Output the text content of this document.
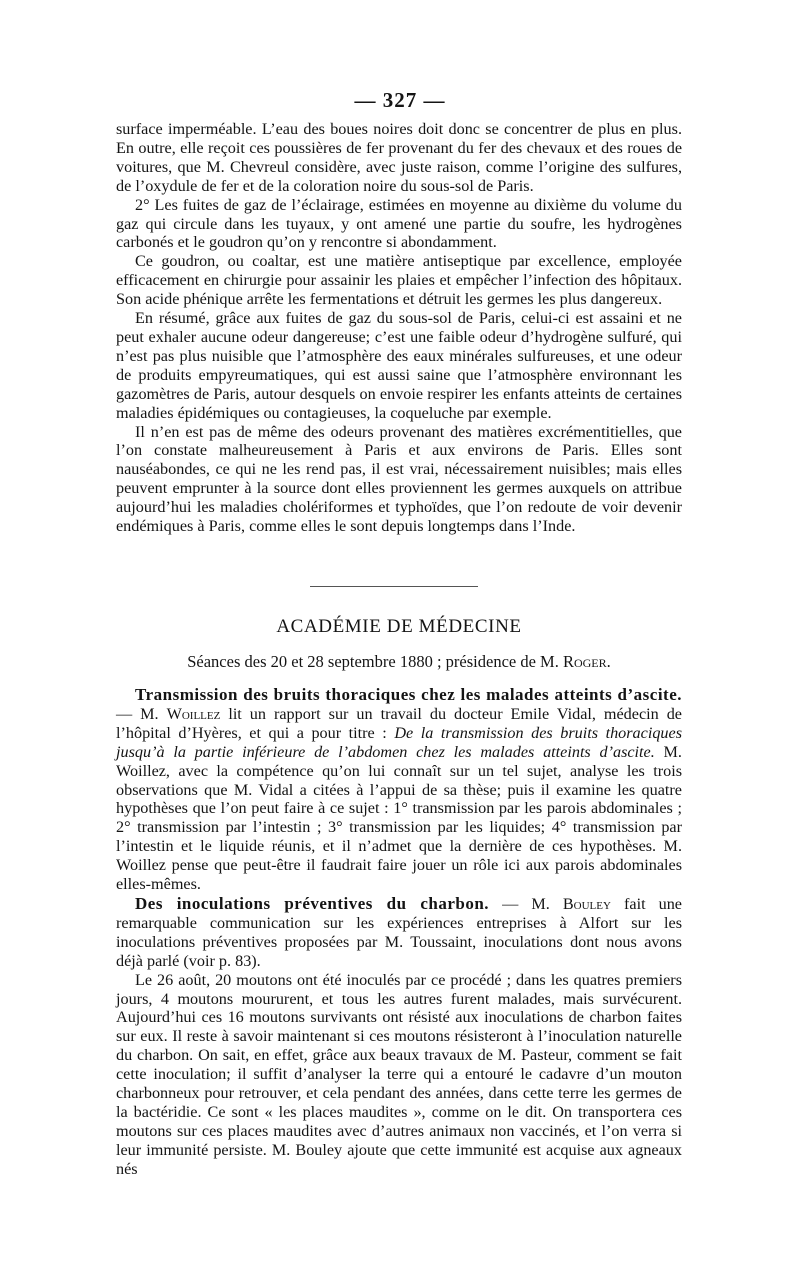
— 327 —

surface imperméable. L’eau des boues noires doit donc se concentrer de plus en plus. En outre, elle reçoit ces poussières de fer provenant du fer des chevaux et des roues de voitures, que M. Chevreul considère, avec juste raison, comme l’origine des sulfures, de l’oxydule de fer et de la coloration noire du sous-sol de Paris.

2° Les fuites de gaz de l’éclairage, estimées en moyenne au dixième du volume du gaz qui circule dans les tuyaux, y ont amené une partie du soufre, les hydrogènes carbonés et le goudron qu’on y rencontre si abondamment.

Ce goudron, ou coaltar, est une matière antiseptique par excellence, employée efficacement en chirurgie pour assainir les plaies et empêcher l’infection des hôpitaux. Son acide phénique arrête les fermentations et détruit les germes les plus dangereux.

En résumé, grâce aux fuites de gaz du sous-sol de Paris, celui-ci est assaini et ne peut exhaler aucune odeur dangereuse; c’est une faible odeur d’hydrogène sulfuré, qui n’est pas plus nuisible que l’atmosphère des eaux minérales sulfureuses, et une odeur de produits empyreumatiques, qui est aussi saine que l’atmosphère environnant les gazomètres de Paris, autour desquels on envoie respirer les enfants atteints de certaines maladies épidémiques ou contagieuses, la coqueluche par exemple.

Il n’en est pas de même des odeurs provenant des matières excrémentitielles, que l’on constate malheureusement à Paris et aux environs de Paris. Elles sont nauséabondes, ce qui ne les rend pas, il est vrai, nécessairement nuisibles; mais elles peuvent emprunter à la source dont elles proviennent les germes auxquels on attribue aujourd’hui les maladies cholériformes et typhoïdes, que l’on redoute de voir devenir endémiques à Paris, comme elles le sont depuis longtemps dans l’Inde.

ACADÉMIE DE MÉDECINE
Séances des 20 et 28 septembre 1880 ; présidence de M. Roger.

Transmission des bruits thoraciques chez les malades atteints d’ascite. — M. Woillez lit un rapport sur un travail du docteur Emile Vidal, médecin de l’hôpital d’Hyères, et qui a pour titre : De la transmission des bruits thoraciques jusqu’à la partie inférieure de l’abdomen chez les malades atteints d’ascite. M. Woillez, avec la compétence qu’on lui connaît sur un tel sujet, analyse les trois observations que M. Vidal a citées à l’appui de sa thèse; puis il examine les quatre hypothèses que l’on peut faire à ce sujet : 1° transmission par les parois abdominales ; 2° transmission par l’intestin ; 3° transmission par les liquides; 4° transmission par l’intestin et le liquide réunis, et il n’admet que la dernière de ces hypothèses. M. Woillez pense que peut-être il faudrait faire jouer un rôle ici aux parois abdominales elles-mêmes.

Des inoculations préventives du charbon. — M. Bouley fait une remarquable communication sur les expériences entreprises à Alfort sur les inoculations préventives proposées par M. Toussaint, inoculations dont nous avons déjà parlé (voir p. 83).

Le 26 août, 20 moutons ont été inoculés par ce procédé ; dans les quatres premiers jours, 4 moutons moururent, et tous les autres furent malades, mais survécurent. Aujourd’hui ces 16 moutons survivants ont résisté aux inoculations de charbon faites sur eux. Il reste à savoir maintenant si ces moutons résisteront à l’inoculation naturelle du charbon. On sait, en effet, grâce aux beaux travaux de M. Pasteur, comment se fait cette inoculation; il suffit d’analyser la terre qui a entouré le cadavre d’un mouton charbonneux pour retrouver, et cela pendant des années, dans cette terre les germes de la bactéridie. Ce sont « les places maudites », comme on le dit. On transportera ces moutons sur ces places maudites avec d’autres animaux non vaccinés, et l’on verra si leur immunité persiste. M. Bouley ajoute que cette immunité est acquise aux agneaux nés
